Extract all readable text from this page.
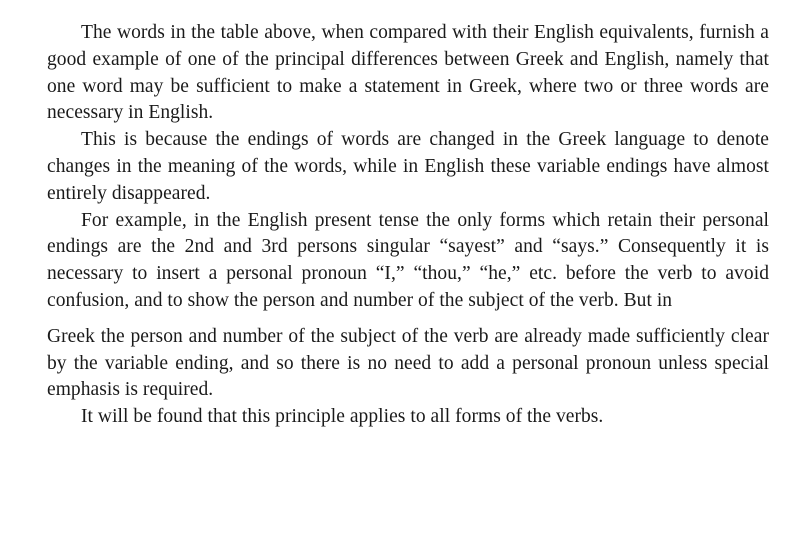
The words in the table above, when compared with their English equivalents, furnish a good example of one of the principal differences between Greek and English, namely that one word may be sufficient to make a statement in Greek, where two or three words are necessary in English.

This is because the endings of words are changed in the Greek language to denote changes in the meaning of the words, while in English these variable endings have almost entirely disappeared.

For example, in the English present tense the only forms which retain their personal endings are the 2nd and 3rd persons singular “sayest” and “says.” Consequently it is necessary to insert a personal pronoun “I,” “thou,” “he,” etc. before the verb to avoid confusion, and to show the person and number of the subject of the verb. But in

Greek the person and number of the subject of the verb are already made sufficiently clear by the variable ending, and so there is no need to add a personal pronoun unless special emphasis is required.

It will be found that this principle applies to all forms of the verbs.
